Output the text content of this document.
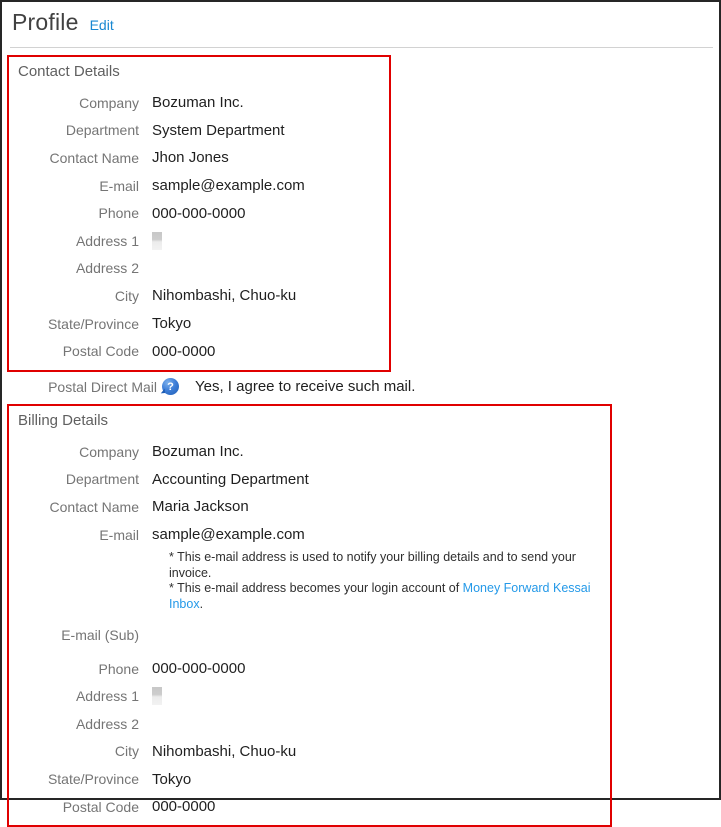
Profile Edit
Contact Details
Company Bozuman Inc.
Department System Department
Contact Name Jhon Jones
E-mail sample@example.com
Phone 000-000-0000
Address 1
Address 2
City Nihombashi, Chuo-ku
State/Province Tokyo
Postal Code 000-0000
Postal Direct Mail ?	Yes, I agree to receive such mail.
Billing Details
Company Bozuman Inc.
Department Accounting Department
Contact Name Maria Jackson
E-mail sample@example.com
* This e-mail address is used to notify your billing details and to send your invoice.
* This e-mail address becomes your login account of Money Forward Kessai Inbox.
E-mail (Sub)
Phone 000-000-0000
Address 1
Address 2
City Nihombashi, Chuo-ku
State/Province Tokyo
Postal Code 000-0000
